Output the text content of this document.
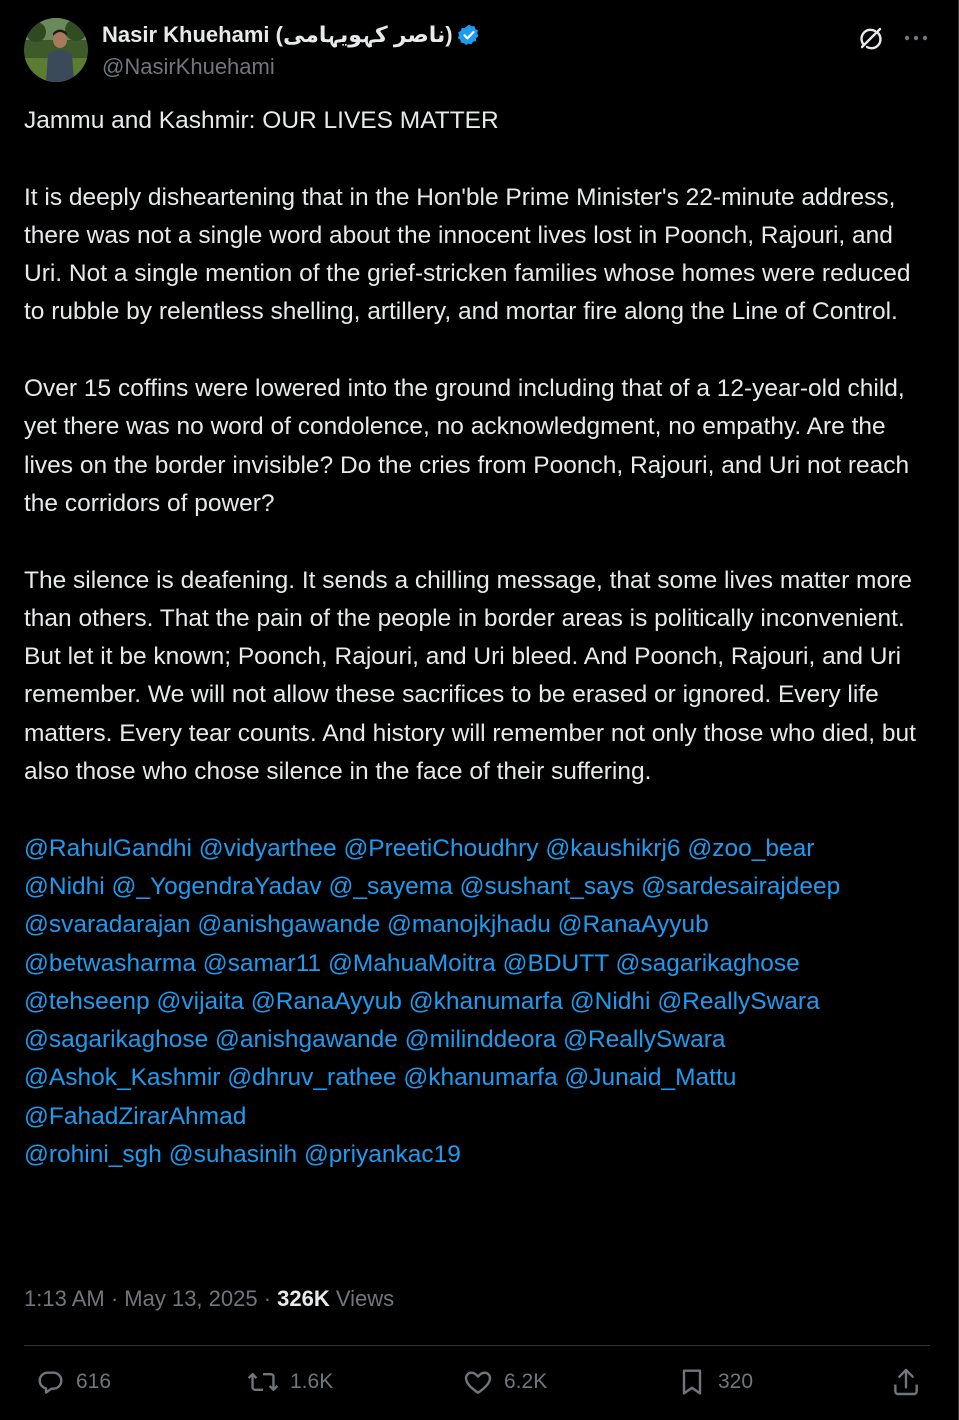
Nasir Khuehami (ناصر کہویہامی)
@NasirKhuehami

Jammu and Kashmir: OUR LIVES MATTER

It is deeply disheartening that in the Hon'ble Prime Minister's 22-minute address, there was not a single word about the innocent lives lost in Poonch, Rajouri, and Uri. Not a single mention of the grief-stricken families whose homes were reduced to rubble by relentless shelling, artillery, and mortar fire along the Line of Control.

Over 15 coffins were lowered into the ground including that of a 12-year-old child, yet there was no word of condolence, no acknowledgment, no empathy. Are the lives on the border invisible? Do the cries from Poonch, Rajouri, and Uri not reach the corridors of power?

The silence is deafening. It sends a chilling message, that some lives matter more than others. That the pain of the people in border areas is politically inconvenient. But let it be known; Poonch, Rajouri, and Uri bleed. And Poonch, Rajouri, and Uri remember. We will not allow these sacrifices to be erased or ignored. Every life matters. Every tear counts. And history will remember not only those who died, but also those who chose silence in the face of their suffering.

@RahulGandhi @vidyarthee @PreetiChoudhry @kaushikrj6 @zoo_bear
@Nidhi @_YogendraYadav @_sayema @sushant_says @sardesairajdeep
@svaradarajan @anishgawande @manojkjhadu @RanaAyyub
@betwasharma @samar11 @MahuaMoitra @BDUTT @sagarikaghose
@tehseenp @vijaita @RanaAyyub @khanumarfa @Nidhi @ReallySwara
@sagarikaghose @anishgawande @milinddeora @ReallySwara
@Ashok_Kashmir @dhruv_rathee @khanumarfa @Junaid_Mattu
@FahadZirarAhmad
@rohini_sgh @suhasinih @priyankac19
1:13 AM · May 13, 2025 · 326K Views
616	1.6K	6.2K	320
